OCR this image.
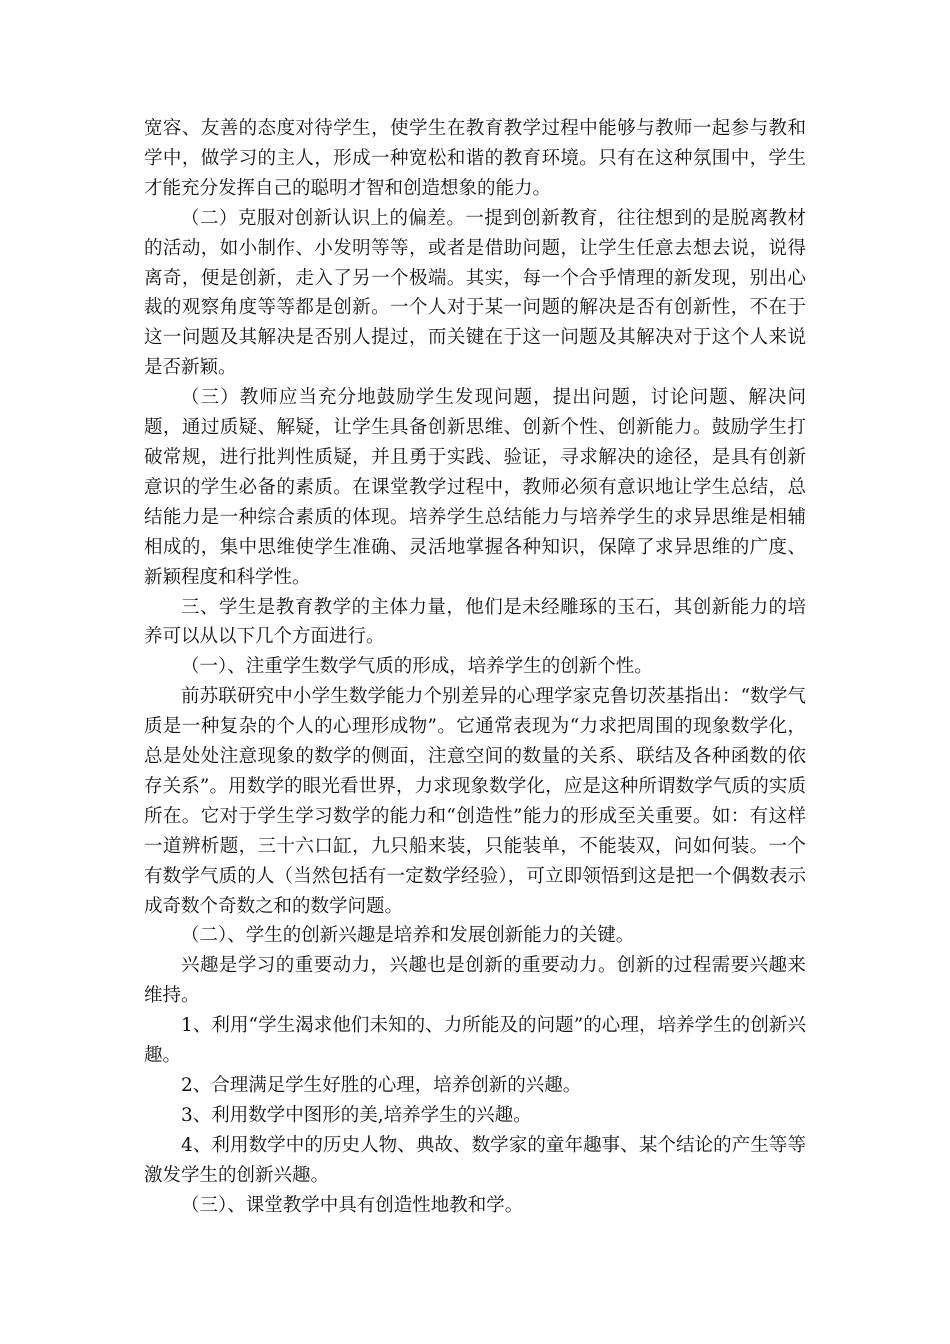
宽容、友善的态度对待学生，使学生在教育教学过程中能够与教师一起参与教和学中，做学习的主人，形成一种宽松和谐的教育环境。只有在这种氛围中，学生才能充分发挥自己的聪明才智和创造想象的能力。

（二）克服对创新认识上的偏差。一提到创新教育，往往想到的是脱离教材的活动，如小制作、小发明等等，或者是借助问题，让学生任意去想去说，说得离奇，便是创新，走入了另一个极端。其实，每一个合乎情理的新发现，别出心裁的观察角度等等都是创新。一个人对于某一问题的解决是否有创新性，不在于这一问题及其解决是否别人提过，而关键在于这一问题及其解决对于这个人来说是否新颖。

（三）教师应当充分地鼓励学生发现问题，提出问题，讨论问题、解决问题，通过质疑、解疑，让学生具备创新思维、创新个性、创新能力。鼓励学生打破常规，进行批判性质疑，并且勇于实践、验证，寻求解决的途径，是具有创新意识的学生必备的素质。在课堂教学过程中，教师必须有意识地让学生总结，总结能力是一种综合素质的体现。培养学生总结能力与培养学生的求异思维是相辅相成的，集中思维使学生准确、灵活地掌握各种知识，保障了求异思维的广度、新颖程度和科学性。

三、学生是教育教学的主体力量，他们是未经雕琢的玉石，其创新能力的培养可以从以下几个方面进行。

（一）、注重学生数学气质的形成，培养学生的创新个性。

前苏联研究中小学生数学能力个别差异的心理学家克鲁切茨基指出：“数学气质是一种复杂的个人的心理形成物”。它通常表现为“力求把周围的现象数学化，总是处处注意现象的数学的侧面，注意空间的数量的关系、联结及各种函数的依存关系”。用数学的眼光看世界，力求现象数学化，应是这种所谓数学气质的实质所在。它对于学生学习数学的能力和“创造性”能力的形成至关重要。如：有这样一道辨析题，三十六口缸，九只船来装，只能装单，不能装双，问如何装。一个有数学气质的人（当然包括有一定数学经验），可立即领悟到这是把一个偶数表示成奇数个奇数之和的数学问题。

（二）、学生的创新兴趣是培养和发展创新能力的关键。

兴趣是学习的重要动力，兴趣也是创新的重要动力。创新的过程需要兴趣来维持。

1、利用“学生渴求他们未知的、力所能及的问题”的心理，培养学生的创新兴趣。

2、合理满足学生好胜的心理，培养创新的兴趣。

3、利用数学中图形的美,培养学生的兴趣。

4、利用数学中的历史人物、典故、数学家的童年趣事、某个结论的产生等等激发学生的创新兴趣。

（三）、课堂教学中具有创造性地教和学。
